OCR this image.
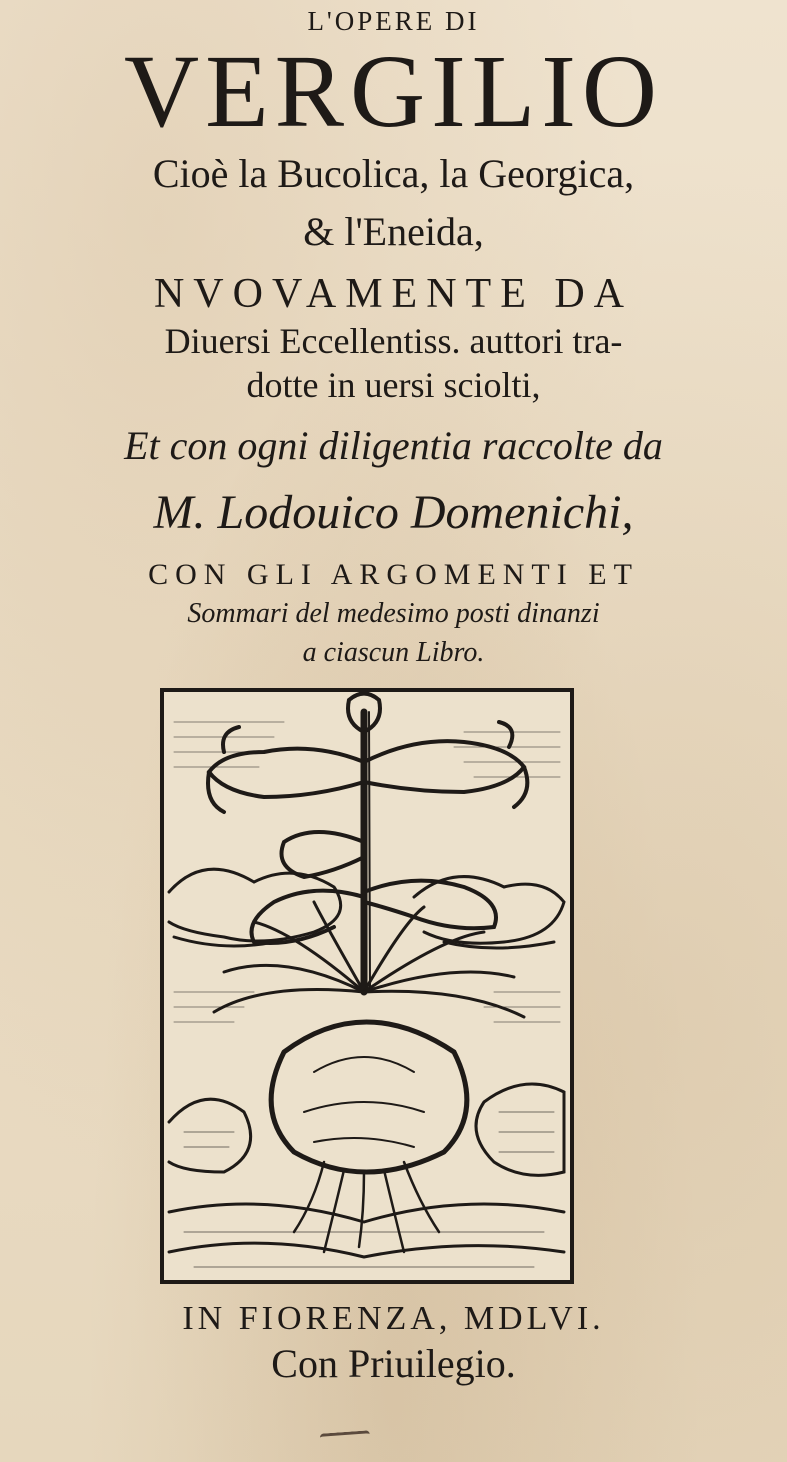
L'OPERE DI
VERGILIO
Cioè la Bucolica, la Georgica,
& l'Eneida,
NVOVAMENTE DA
Diuersi Eccellentiss. auttori tra-
dotte in uersi sciolti,
Et con ogni diligentia raccolte da
M. Lodouico Domenichi,
CON GLI ARGOMENTI ET
Sommari del medesimo posti dinanzi
a ciascun Libro.
IN FIORENZA, MDLVI.
Con Priuilegio.
